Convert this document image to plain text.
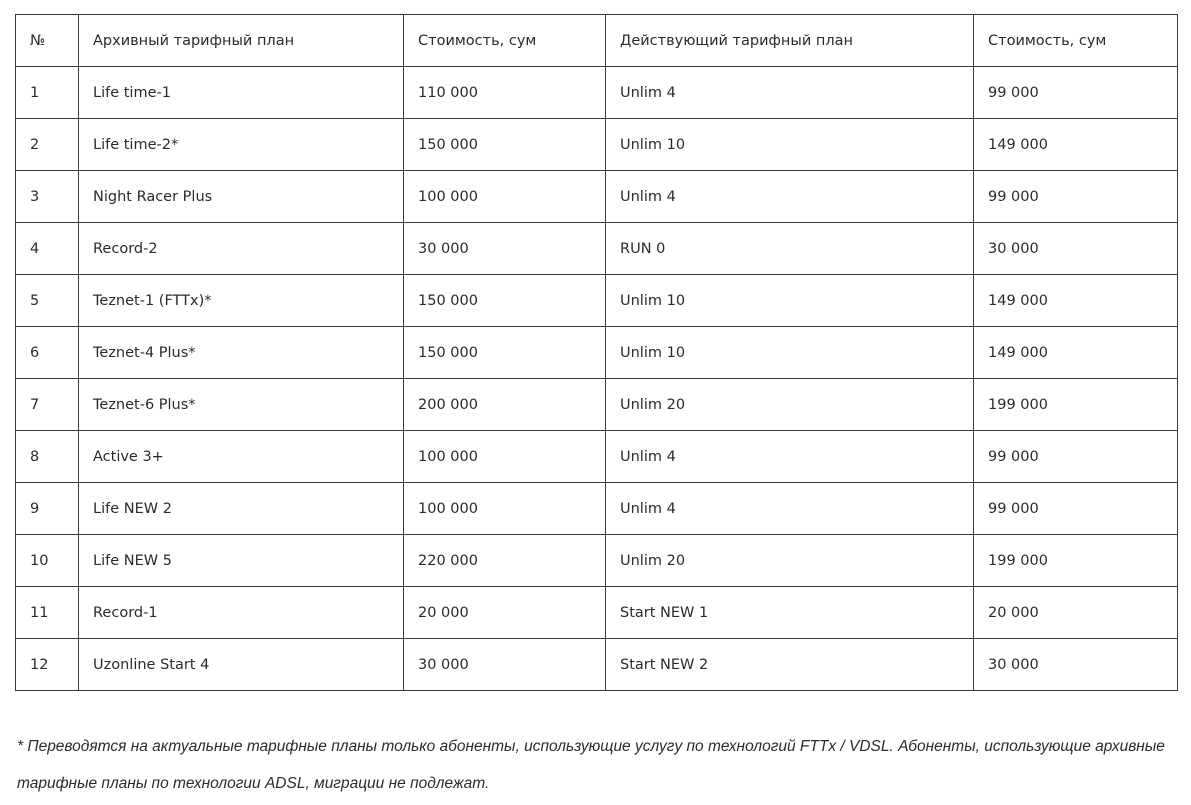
№	Архивный тарифный план	Стоимость, сум	Действующий тарифный план	Стоимость, сум
1	Life time-1	110 000	Unlim 4	99 000
2	Life time-2*	150 000	Unlim 10	149 000
3	Night Racer Plus	100 000	Unlim 4	99 000
4	Record-2	30 000	RUN 0	30 000
5	Teznet-1 (FTTx)*	150 000	Unlim 10	149 000
6	Teznet-4 Plus*	150 000	Unlim 10	149 000
7	Teznet-6 Plus*	200 000	Unlim 20	199 000
8	Active 3+	100 000	Unlim 4	99 000
9	Life NEW 2	100 000	Unlim 4	99 000
10	Life NEW 5	220 000	Unlim 20	199 000
11	Record-1	20 000	Start NEW 1	20 000
12	Uzonline Start 4	30 000	Start NEW 2	30 000

* Переводятся на актуальные тарифные планы только абоненты, использующие услугу по технологий FTTx / VDSL. Абоненты, использующие архивные тарифные планы по технологии ADSL, миграции не подлежат.
